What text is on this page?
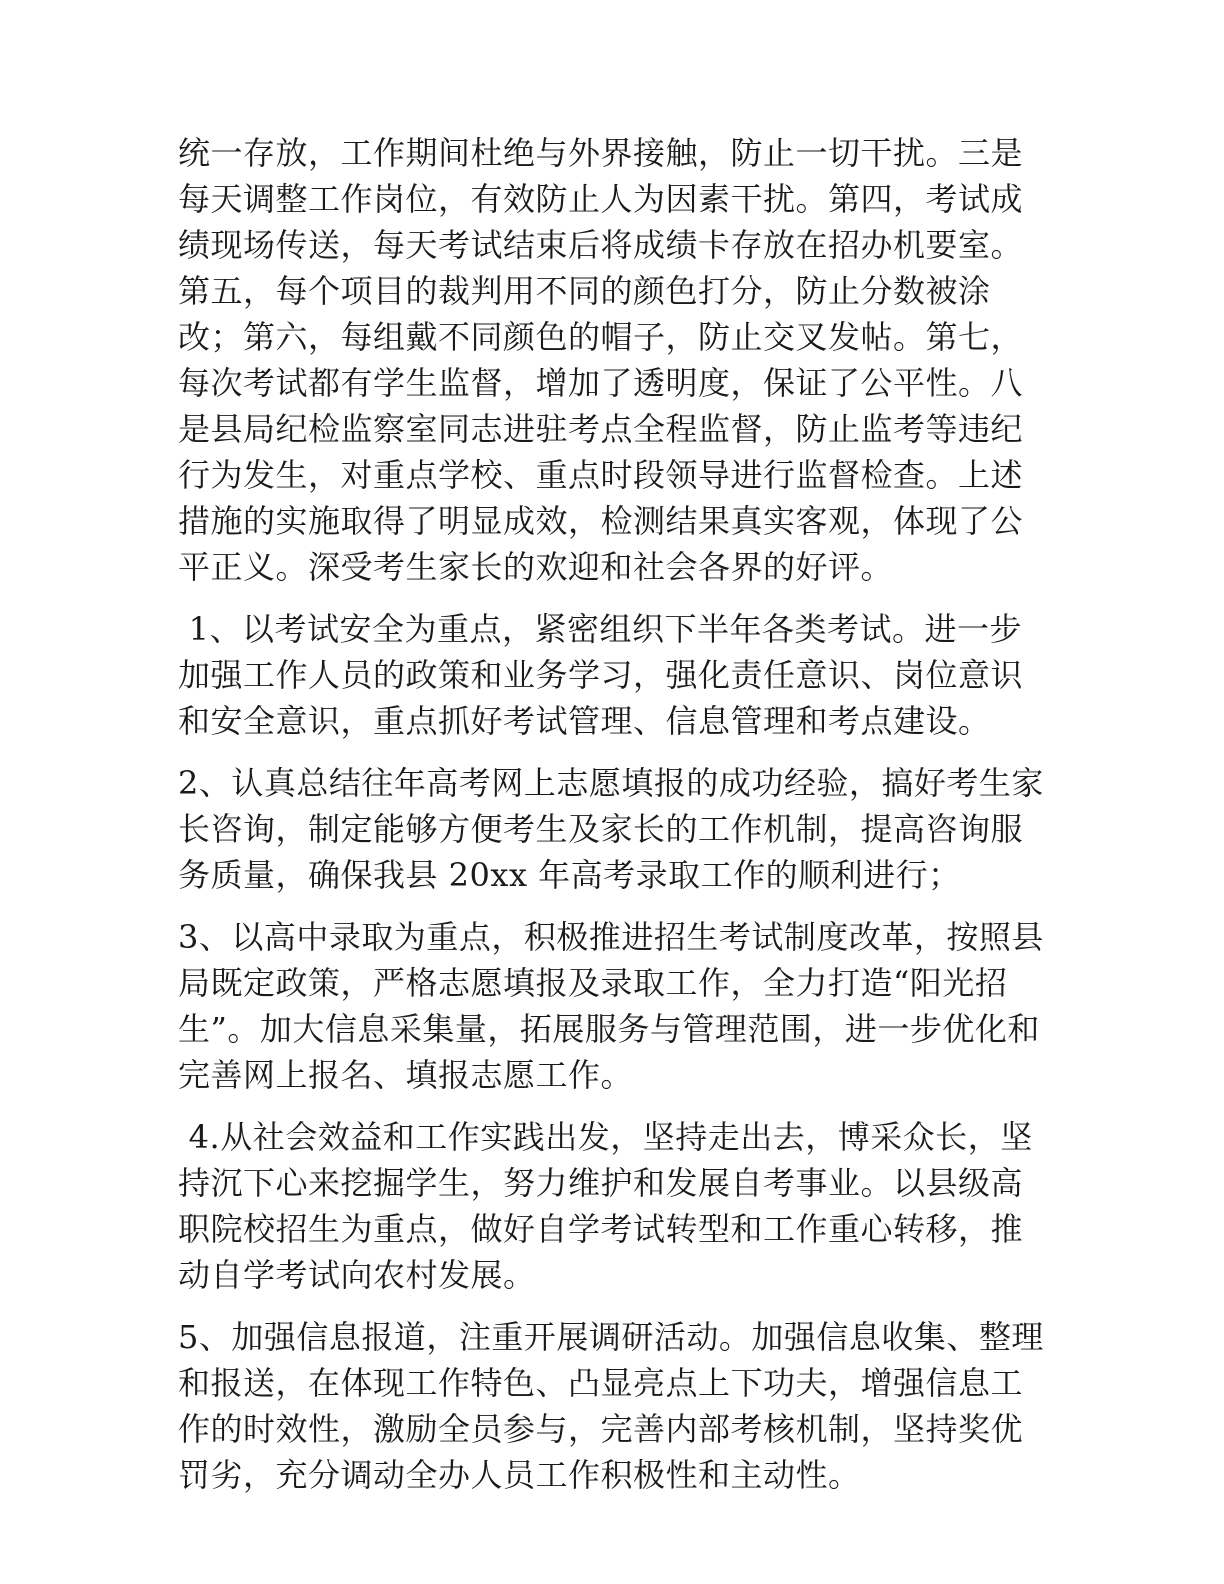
统一存放，工作期间杜绝与外界接触，防止一切干扰。三是每天调整工作岗位，有效防止人为因素干扰。第四，考试成绩现场传送，每天考试结束后将成绩卡存放在招办机要室。第五，每个项目的裁判用不同的颜色打分，防止分数被涂改；第六，每组戴不同颜色的帽子，防止交叉发帖。第七，每次考试都有学生监督，增加了透明度，保证了公平性。八是县局纪检监察室同志进驻考点全程监督，防止监考等违纪行为发生，对重点学校、重点时段领导进行监督检查。上述措施的实施取得了明显成效，检测结果真实客观，体现了公平正义。深受考生家长的欢迎和社会各界的好评。

1、以考试安全为重点，紧密组织下半年各类考试。进一步加强工作人员的政策和业务学习，强化责任意识、岗位意识和安全意识，重点抓好考试管理、信息管理和考点建设。

2、认真总结往年高考网上志愿填报的成功经验，搞好考生家长咨询，制定能够方便考生及家长的工作机制，提高咨询服务质量，确保我县 20xx 年高考录取工作的顺利进行；

3、以高中录取为重点，积极推进招生考试制度改革，按照县局既定政策，严格志愿填报及录取工作，全力打造“阳光招生”。加大信息采集量，拓展服务与管理范围，进一步优化和完善网上报名、填报志愿工作。

4.从社会效益和工作实践出发，坚持走出去，博采众长，坚持沉下心来挖掘学生，努力维护和发展自考事业。以县级高职院校招生为重点，做好自学考试转型和工作重心转移，推动自学考试向农村发展。

5、加强信息报道，注重开展调研活动。加强信息收集、整理和报送，在体现工作特色、凸显亮点上下功夫，增强信息工作的时效性，激励全员参与，完善内部考核机制，坚持奖优罚劣，充分调动全办人员工作积极性和主动性。
